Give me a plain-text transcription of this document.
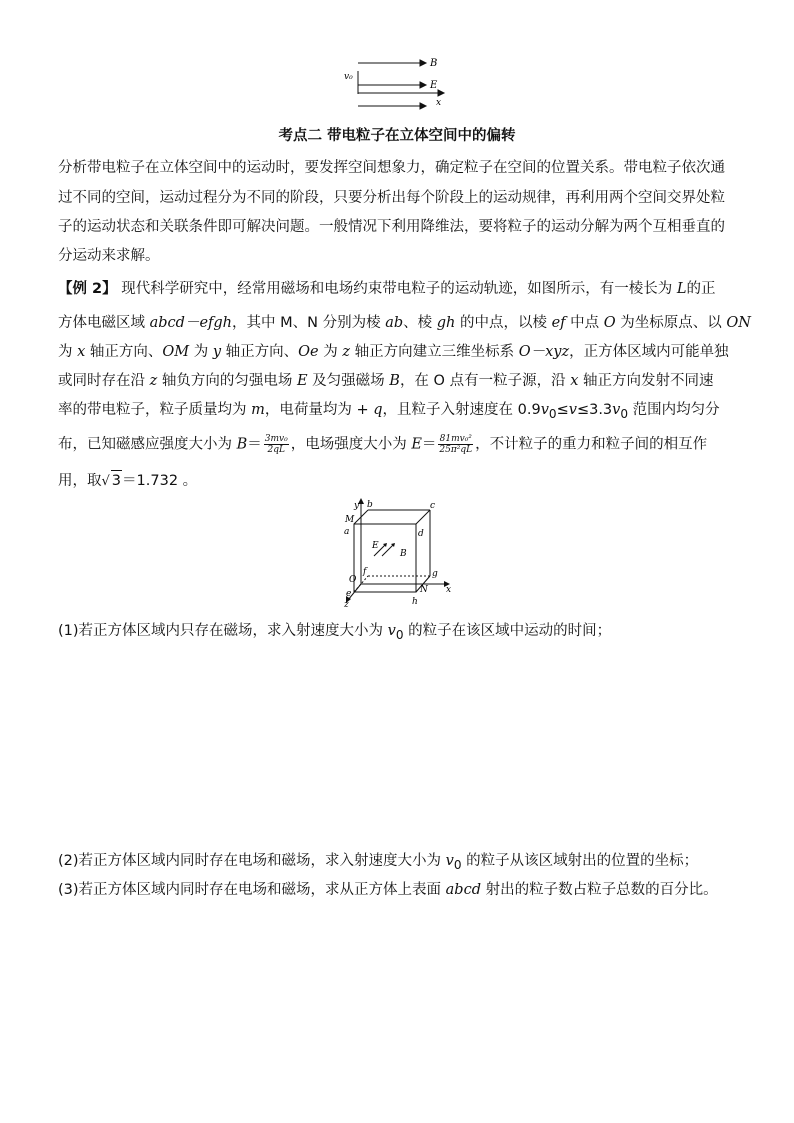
B
E
v₀
x
考点二 带电粒子在立体空间中的偏转
分析带电粒子在立体空间中的运动时，要发挥空间想象力，确定粒子在空间的位置关系。带电粒子依次通
过不同的空间，运动过程分为不同的阶段，只要分析出每个阶段上的运动规律，再利用两个空间交界处粒
子的运动状态和关联条件即可解决问题。一般情况下利用降维法，要将粒子的运动分解为两个互相垂直的
分运动来求解。
【例 2】 现代科学研究中，经常用磁场和电场约束带电粒子的运动轨迹，如图所示，有一棱长为 L的正
方体电磁区域 abcd－efgh，其中 M、N 分别为棱 ab、棱 gh 的中点，以棱 ef 中点 O 为坐标原点、以 ON
为 x 轴正方向、OM 为 y 轴正方向、Oe 为 z 轴正方向建立三维坐标系 O－xyz，正方体区域内可能单独
或同时存在沿 z 轴负方向的匀强电场 E 及匀强磁场 B，在 O 点有一粒子源，沿 x 轴正方向发射不同速
率的带电粒子，粒子质量均为 m，电荷量均为 + q，且粒子入射速度在 $0.9v_0\le v\le 3.3v_0$ 范围内均匀分
布，已知磁感应强度大小为 $B= \frac{\text{3mv₀}}{2qL}$ ，电场强度大小为 $E= \frac{\text{81mv₀²}}{\text{25π²qL}}$ ，不计粒子的重力和粒子间的相互作
用，取√ 3＝1.732 。
y b	c
M
a	d
E
B
f
O
g
x
N
e
h
z
(1)若正方体区域内只存在磁场，求入射速度大小为 $v_0$ 的粒子在该区域中运动的时间；
(2)若正方体区域内同时存在电场和磁场，求入射速度大小为 $v_0$ 的粒子从该区域射出的位置的坐标；
(3)若正方体区域内同时存在电场和磁场，求从正方体上表面 abcd 射出的粒子数占粒子总数的百分比。
